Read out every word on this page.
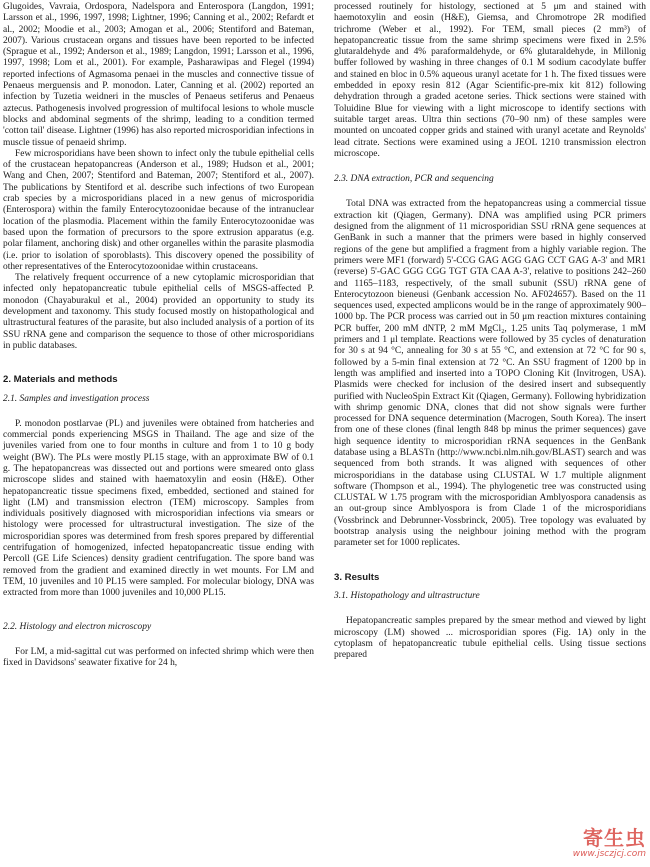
Glugoides, Vavraia, Ordospora, Nadelspora and Enterospora (Langdon, 1991; Larsson et al., 1996, 1997, 1998; Lightner, 1996; Canning et al., 2002; Refardt et al., 2002; Moodie et al., 2003; Amogan et al., 2006; Stentiford and Bateman, 2007). Various crustacean organs and tissues have been reported to be infected (Sprague et al., 1992; Anderson et al., 1989; Langdon, 1991; Larsson et al., 1996, 1997, 1998; Lom et al., 2001). For example, Pasharawipas and Flegel (1994) reported infections of Agmasoma penaei in the muscles and connective tissue of Penaeus merguensis and P. monodon. Later, Canning et al. (2002) reported an infection by Tuzetia weidneri in the muscles of Penaeus setiferus and Penaeus aztecus. Pathogenesis involved progression of multifocal lesions to whole muscle blocks and abdominal segments of the shrimp, leading to a condition termed 'cotton tail' disease. Lightner (1996) has also reported microsporidian infections in muscle tissue of penaeid shrimp.

Few microsporidians have been shown to infect only the tubule epithelial cells of the crustacean hepatopancreas (Anderson et al., 1989; Hudson et al., 2001; Wang and Chen, 2007; Stentiford and Bateman, 2007; Stentiford et al., 2007). The publications by Stentiford et al. describe such infections of two European crab species by a microsporidians placed in a new genus of microsporidia (Enterospora) within the family Enterocytozoonidae because of the intranuclear location of the plasmodia. Placement within the family Enterocytozoonidae was based upon the formation of precursors to the spore extrusion apparatus (e.g. polar filament, anchoring disk) and other organelles within the parasite plasmodia (i.e. prior to isolation of sporoblasts). This discovery opened the possibility of other representatives of the Enterocytozoonidae within crustaceans.

The relatively frequent occurrence of a new cytoplamic microsporidian that infected only hepatopancreatic tubule epithelial cells of MSGS-affected P. monodon (Chayaburakul et al., 2004) provided an opportunity to study its development and taxonomy. This study focused mostly on histopathological and ultrastructural features of the parasite, but also included analysis of a portion of its SSU rRNA gene and comparison the sequence to those of other microsporidians in public databases.

2. Materials and methods
2.1. Samples and investigation process

P. monodon postlarvae (PL) and juveniles were obtained from hatcheries and commercial ponds experiencing MSGS in Thailand. The age and size of the juveniles varied from one to four months in culture and from 1 to 10 g body weight (BW). The PLs were mostly PL15 stage, with an approximate BW of 0.1 g. The hepatopancreas was dissected out and portions were smeared onto glass microscope slides and stained with haematoxylin and eosin (H&E). Other hepatopancreatic tissue specimens fixed, embedded, sectioned and stained for light (LM) and transmission electron (TEM) microscopy. Samples from individuals positively diagnosed with microsporidian infections via smears or histology were processed for ultrastructural investigation. The size of the microsporidian spores was determined from fresh spores prepared by differential centrifugation of homogenized, infected hepatopancreatic tissue ending with Percoll (GE Life Sciences) density gradient centrifugation. The spore band was removed from the gradient and examined directly in wet mounts. For LM and TEM, 10 juveniles and 10 PL15 were sampled. For molecular biology, DNA was extracted from more than 1000 juveniles and 10,000 PL15.

2.2. Histology and electron microscopy

For LM, a mid-sagittal cut was performed on infected shrimp which were then fixed in Davidsons' seawater fixative for 24 h,

processed routinely for histology, sectioned at 5 μm and stained with haemotoxylin and eosin (H&E), Giemsa, and Chromotrope 2R modified trichrome (Weber et al., 1992). For TEM, small pieces (2 mm³) of hepatopancreatic tissue from the same shrimp specimens were fixed in 2.5% glutaraldehyde and 4% paraformaldehyde, or 6% glutaraldehyde, in Millonig buffer followed by washing in three changes of 0.1 M sodium cacodylate buffer and stained en bloc in 0.5% aqueous uranyl acetate for 1 h. The fixed tissues were embedded in epoxy resin 812 (Agar Scientific-pre-mix kit 812) following dehydration through a graded acetone series. Thick sections were stained with Toluidine Blue for viewing with a light microscope to identify sections with suitable target areas. Ultra thin sections (70–90 nm) of these samples were mounted on uncoated copper grids and stained with uranyl acetate and Reynolds' lead citrate. Sections were examined using a JEOL 1210 transmission electron microscope.

2.3. DNA extraction, PCR and sequencing

Total DNA was extracted from the hepatopancreas using a commercial tissue extraction kit (Qiagen, Germany). DNA was amplified using PCR primers designed from the alignment of 11 microsporidian SSU rRNA gene sequences at GenBank in such a manner that the primers were based in highly conserved regions of the gene but amplified a fragment from a highly variable region. The primers were MF1 (forward) 5'-CCG GAG AGG GAG CCT GAG A-3' and MR1 (reverse) 5'-GAC GGG CGG TGT GTA CAA A-3', relative to positions 242–260 and 1165–1183, respectively, of the small subunit (SSU) rRNA gene of Enterocytozoon bieneusi (Genbank accession No. AF024657). Based on the 11 sequences used, expected amplicons would be in the range of approximately 900–1000 bp. The PCR process was carried out in 50 μm reaction mixtures containing PCR buffer, 200 mM dNTP, 2 mM MgCl₂, 1.25 units Taq polymerase, 1 mM primers and 1 μl template. Reactions were followed by 35 cycles of denaturation for 30 s at 94 °C, annealing for 30 s at 55 °C, and extension at 72 °C for 90 s, followed by a 5-min final extension at 72 °C. An SSU fragment of 1200 bp in length was amplified and inserted into a TOPO Cloning Kit (Invitrogen, USA). Plasmids were checked for inclusion of the desired insert and subsequently purified with NucleoSpin Extract Kit (Qiagen, Germany). Following hybridization with shrimp genomic DNA, clones that did not show signals were further processed for DNA sequence determination (Macrogen, South Korea). The insert from one of these clones (final length 848 bp minus the primer sequences) gave high sequence identity to microsporidian rRNA sequences in the GenBank database using a BLASTn (http://www.ncbi.nlm.nih.gov/BLAST) search and was sequenced from both strands. It was aligned with sequences of other microsporidians in the database using CLUSTAL W 1.7 multiple alignment software (Thompson et al., 1994). The phylogenetic tree was constructed using CLUSTAL W 1.75 program with the microsporidian Amblyospora canadensis as an out-group since Amblyospora is from Clade 1 of the microsporidians (Vossbrinck and Debrunner-Vossbrinck, 2005). Tree topology was evaluated by bootstrap analysis using the neighbour joining method with the program parameter set for 1000 replicates.

3. Results
3.1. Histopathology and ultrastructure

Hepatopancreatic samples prepared by the smear method and viewed by light microscopy (LM) showed ... microsporidian spores (Fig. 1A) only in the cytoplasm of hepatopancreatic tubule epithelial cells. Using tissue sections prepared

寄生虫
www.jsczjcj.com
